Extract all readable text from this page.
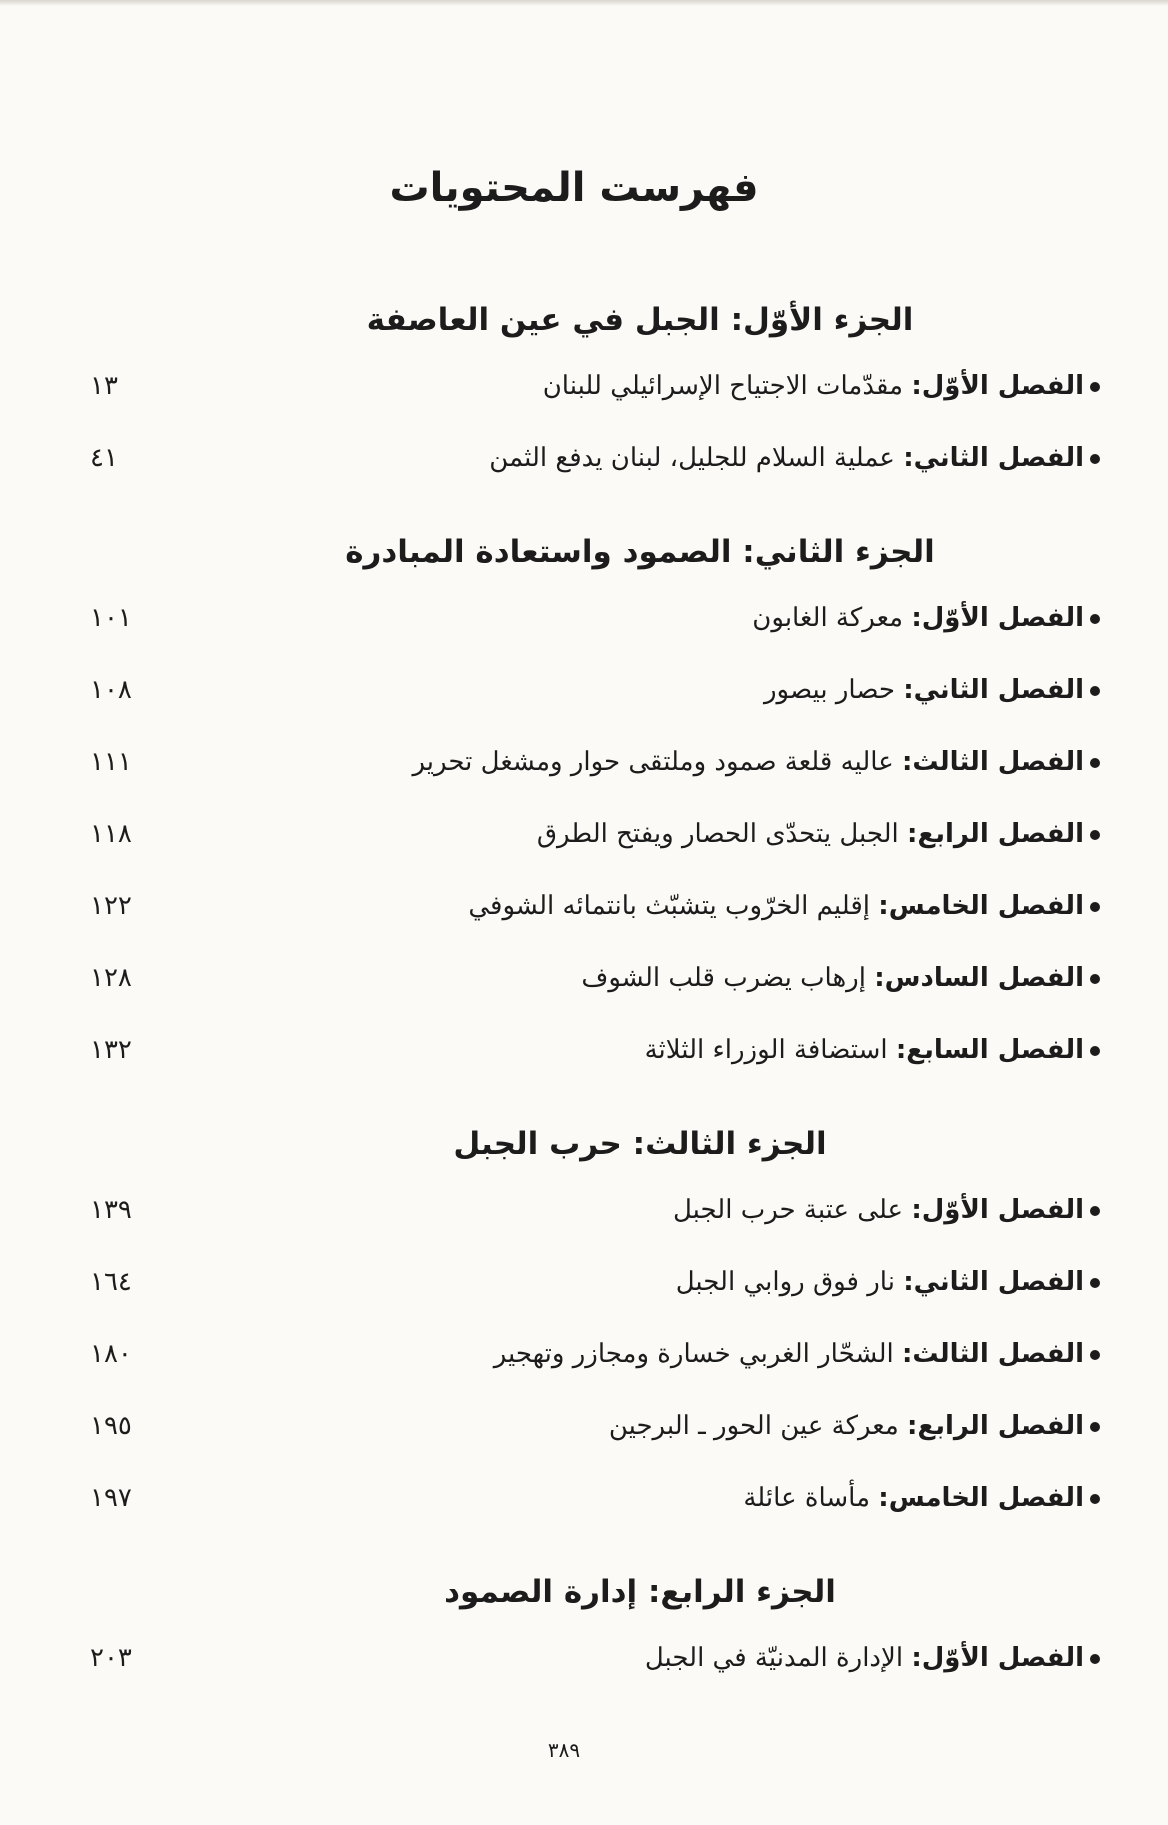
فهرست المحتويات
الجزء الأوّل: الجبل في عين العاصفة
الفصل الأوّل: مقدّمات الاجتياح الإسرائيلي للبنان
١٣
الفصل الثاني: عملية السلام للجليل، لبنان يدفع الثمن
٤١
الجزء الثاني: الصمود واستعادة المبادرة
الفصل الأوّل: معركة الغابون
١٠١
الفصل الثاني: حصار بيصور
١٠٨
الفصل الثالث: عاليه قلعة صمود وملتقى حوار ومشغل تحرير
١١١
الفصل الرابع: الجبل يتحدّى الحصار ويفتح الطرق
١١٨
الفصل الخامس: إقليم الخرّوب يتشبّث بانتمائه الشوفي
١٢٢
الفصل السادس: إرهاب يضرب قلب الشوف
١٢٨
الفصل السابع: استضافة الوزراء الثلاثة
١٣٢
الجزء الثالث: حرب الجبل
الفصل الأوّل: على عتبة حرب الجبل
١٣٩
الفصل الثاني: نار فوق روابي الجبل
١٦٤
الفصل الثالث: الشحّار الغربي خسارة ومجازر وتهجير
١٨٠
الفصل الرابع: معركة عين الحور ـ البرجين
١٩٥
الفصل الخامس: مأساة عائلة
١٩٧
الجزء الرابع: إدارة الصمود
الفصل الأوّل: الإدارة المدنيّة في الجبل
٢٠٣
٣٨٩
